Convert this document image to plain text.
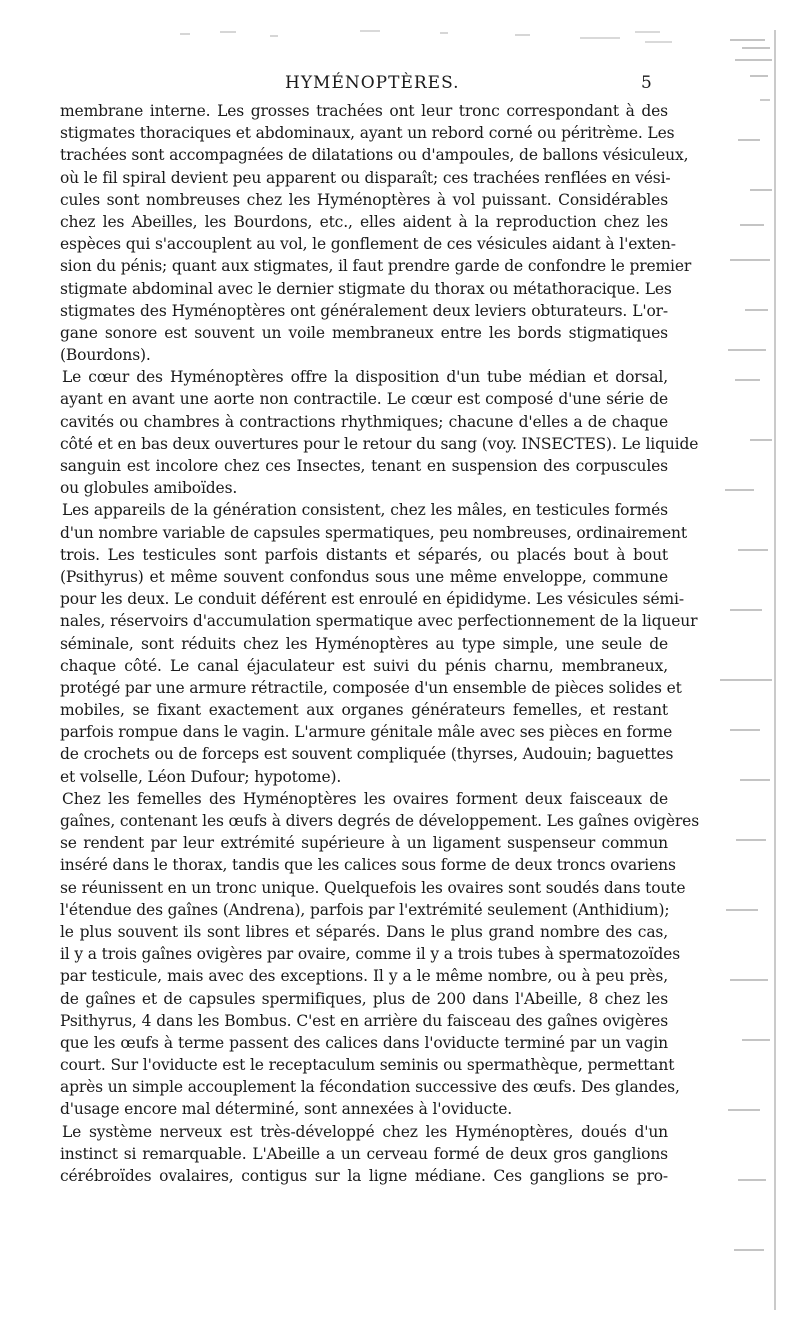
HYMÉNOPTÈRES.	5
membrane interne. Les grosses trachées ont leur tronc correspondant à des
stigmates thoraciques et abdominaux, ayant un rebord corné ou péritrème. Les
trachées sont accompagnées de dilatations ou d'ampoules, de ballons vésiculeux,
où le fil spiral devient peu apparent ou disparaît; ces trachées renflées en vési-
cules sont nombreuses chez les Hyménoptères à vol puissant. Considérables
chez les Abeilles, les Bourdons, etc., elles aident à la reproduction chez les
espèces qui s'accouplent au vol, le gonflement de ces vésicules aidant à l'exten-
sion du pénis; quant aux stigmates, il faut prendre garde de confondre le premier
stigmate abdominal avec le dernier stigmate du thorax ou métathoracique. Les
stigmates des Hyménoptères ont généralement deux leviers obturateurs. L'or-
gane sonore est souvent un voile membraneux entre les bords stigmatiques
(Bourdons).
Le cœur des Hyménoptères offre la disposition d'un tube médian et dorsal,
ayant en avant une aorte non contractile. Le cœur est composé d'une série de
cavités ou chambres à contractions rhythmiques; chacune d'elles a de chaque
côté et en bas deux ouvertures pour le retour du sang (voy. INSECTES). Le liquide
sanguin est incolore chez ces Insectes, tenant en suspension des corpuscules
ou globules amiboïdes.
Les appareils de la génération consistent, chez les mâles, en testicules formés
d'un nombre variable de capsules spermatiques, peu nombreuses, ordinairement
trois. Les testicules sont parfois distants et séparés, ou placés bout à bout
(Psithyrus) et même souvent confondus sous une même enveloppe, commune
pour les deux. Le conduit déférent est enroulé en épididyme. Les vésicules sémi-
nales, réservoirs d'accumulation spermatique avec perfectionnement de la liqueur
séminale, sont réduits chez les Hyménoptères au type simple, une seule de
chaque côté. Le canal éjaculateur est suivi du pénis charnu, membraneux,
protégé par une armure rétractile, composée d'un ensemble de pièces solides et
mobiles, se fixant exactement aux organes générateurs femelles, et restant
parfois rompue dans le vagin. L'armure génitale mâle avec ses pièces en forme
de crochets ou de forceps est souvent compliquée (thyrses, Audouin; baguettes
et volselle, Léon Dufour; hypotome).
Chez les femelles des Hyménoptères les ovaires forment deux faisceaux de
gaînes, contenant les œufs à divers degrés de développement. Les gaînes ovigères
se rendent par leur extrémité supérieure à un ligament suspenseur commun
inséré dans le thorax, tandis que les calices sous forme de deux troncs ovariens
se réunissent en un tronc unique. Quelquefois les ovaires sont soudés dans toute
l'étendue des gaînes (Andrena), parfois par l'extrémité seulement (Anthidium);
le plus souvent ils sont libres et séparés. Dans le plus grand nombre des cas,
il y a trois gaînes ovigères par ovaire, comme il y a trois tubes à spermatozoïdes
par testicule, mais avec des exceptions. Il y a le même nombre, ou à peu près,
de gaînes et de capsules spermifiques, plus de 200 dans l'Abeille, 8 chez les
Psithyrus, 4 dans les Bombus. C'est en arrière du faisceau des gaînes ovigères
que les œufs à terme passent des calices dans l'oviducte terminé par un vagin
court. Sur l'oviducte est le receptaculum seminis ou spermathèque, permettant
après un simple accouplement la fécondation successive des œufs. Des glandes,
d'usage encore mal déterminé, sont annexées à l'oviducte.
Le système nerveux est très-développé chez les Hyménoptères, doués d'un
instinct si remarquable. L'Abeille a un cerveau formé de deux gros ganglions
cérébroïdes ovalaires, contigus sur la ligne médiane. Ces ganglions se pro-
